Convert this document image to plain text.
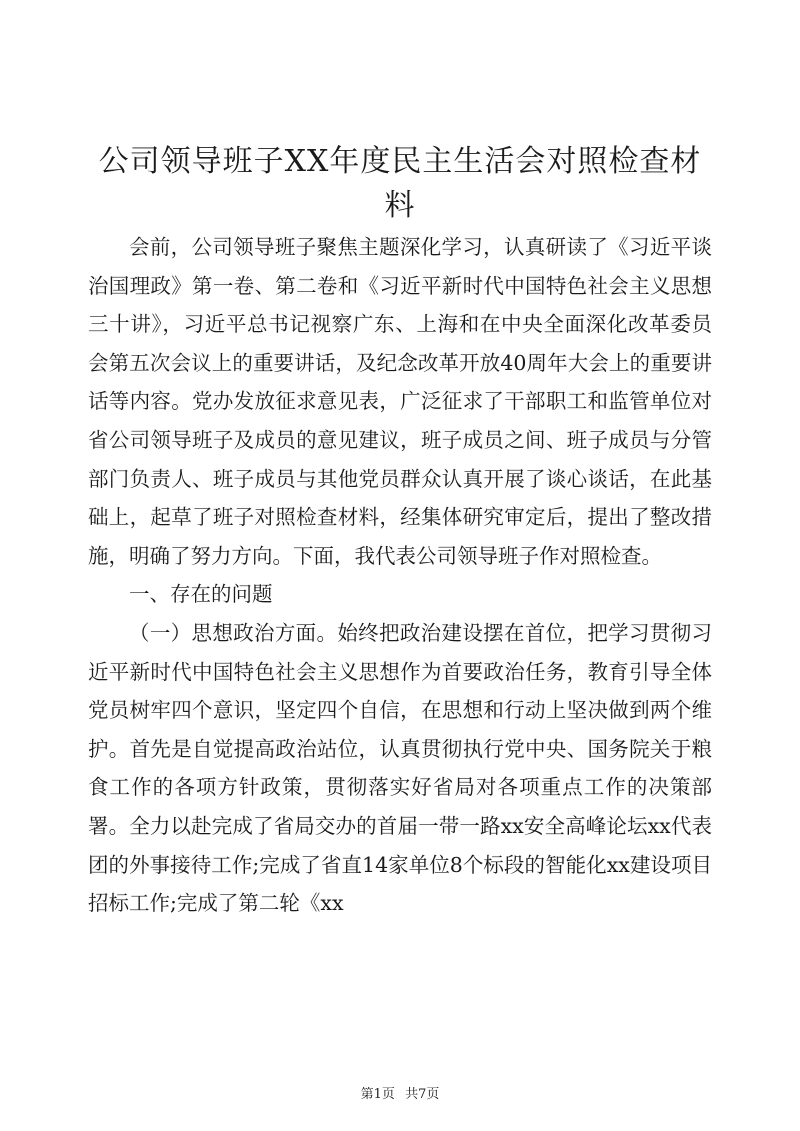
公司领导班子XX年度民主生活会对照检查材料

会前，公司领导班子聚焦主题深化学习，认真研读了《习近平谈治国理政》第一卷、第二卷和《习近平新时代中国特色社会主义思想三十讲》，习近平总书记视察广东、上海和在中央全面深化改革委员会第五次会议上的重要讲话，及纪念改革开放40周年大会上的重要讲话等内容。党办发放征求意见表，广泛征求了干部职工和监管单位对省公司领导班子及成员的意见建议，班子成员之间、班子成员与分管部门负责人、班子成员与其他党员群众认真开展了谈心谈话，在此基础上，起草了班子对照检查材料，经集体研究审定后，提出了整改措施，明确了努力方向。下面，我代表公司领导班子作对照检查。

一、存在的问题

（一）思想政治方面。始终把政治建设摆在首位，把学习贯彻习近平新时代中国特色社会主义思想作为首要政治任务，教育引导全体党员树牢四个意识，坚定四个自信，在思想和行动上坚决做到两个维护。首先是自觉提高政治站位，认真贯彻执行党中央、国务院关于粮食工作的各项方针政策，贯彻落实好省局对各项重点工作的决策部署。全力以赴完成了省局交办的首届一带一路xx安全高峰论坛xx代表团的外事接待工作;完成了省直14家单位8个标段的智能化xx建设项目招标工作;完成了第二轮《xx

第1页 共7页
